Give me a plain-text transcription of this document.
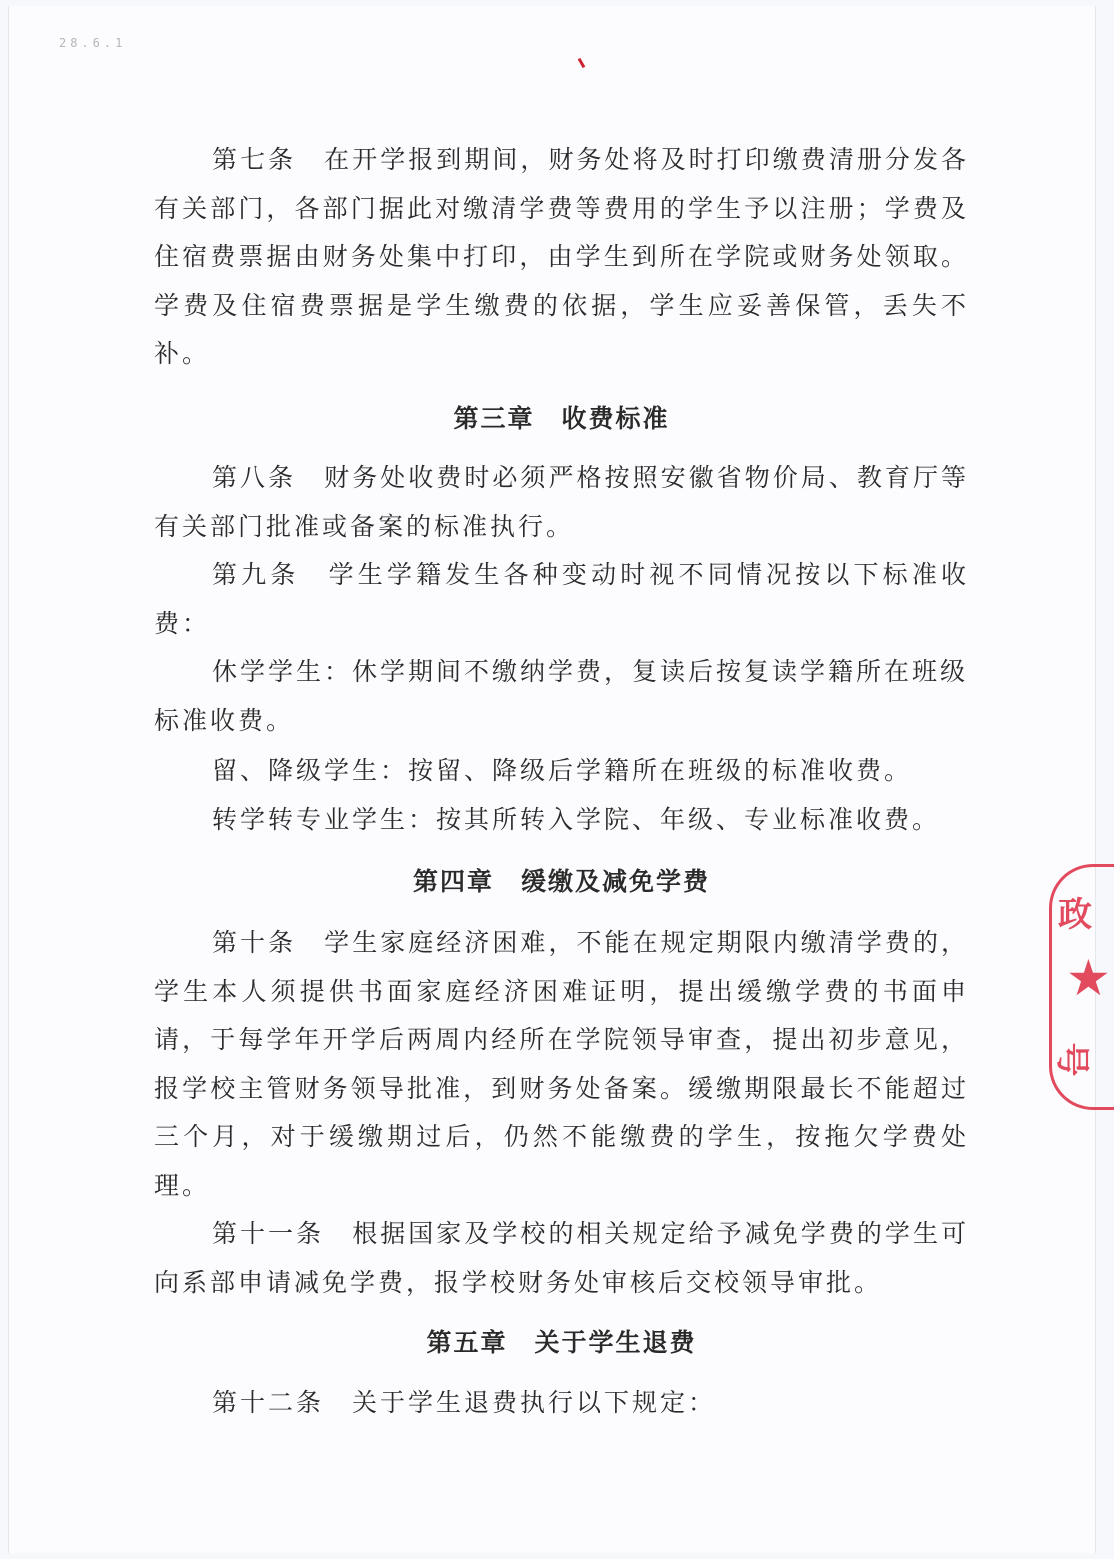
28.6.1

第七条　在开学报到期间，财务处将及时打印缴费清册分发各有关部门，各部门据此对缴清学费等费用的学生予以注册；学费及住宿费票据由财务处集中打印，由学生到所在学院或财务处领取。学费及住宿费票据是学生缴费的依据，学生应妥善保管，丢失不补。

第三章　收费标准

第八条　财务处收费时必须严格按照安徽省物价局、教育厅等有关部门批准或备案的标准执行。

第九条　学生学籍发生各种变动时视不同情况按以下标准收费：

休学学生：休学期间不缴纳学费，复读后按复读学籍所在班级标准收费。

留、降级学生：按留、降级后学籍所在班级的标准收费。

转学转专业学生：按其所转入学院、年级、专业标准收费。

第四章　缓缴及减免学费

第十条　学生家庭经济困难，不能在规定期限内缴清学费的，学生本人须提供书面家庭经济困难证明，提出缓缴学费的书面申请，于每学年开学后两周内经所在学院领导审查，提出初步意见，报学校主管财务领导批准，到财务处备案。缓缴期限最长不能超过三个月，对于缓缴期过后，仍然不能缴费的学生，按拖欠学费处理。

第十一条　根据国家及学校的相关规定给予减免学费的学生可向系部申请减免学费，报学校财务处审核后交校领导审批。

第五章　关于学生退费

第十二条　关于学生退费执行以下规定：

政
★
号
